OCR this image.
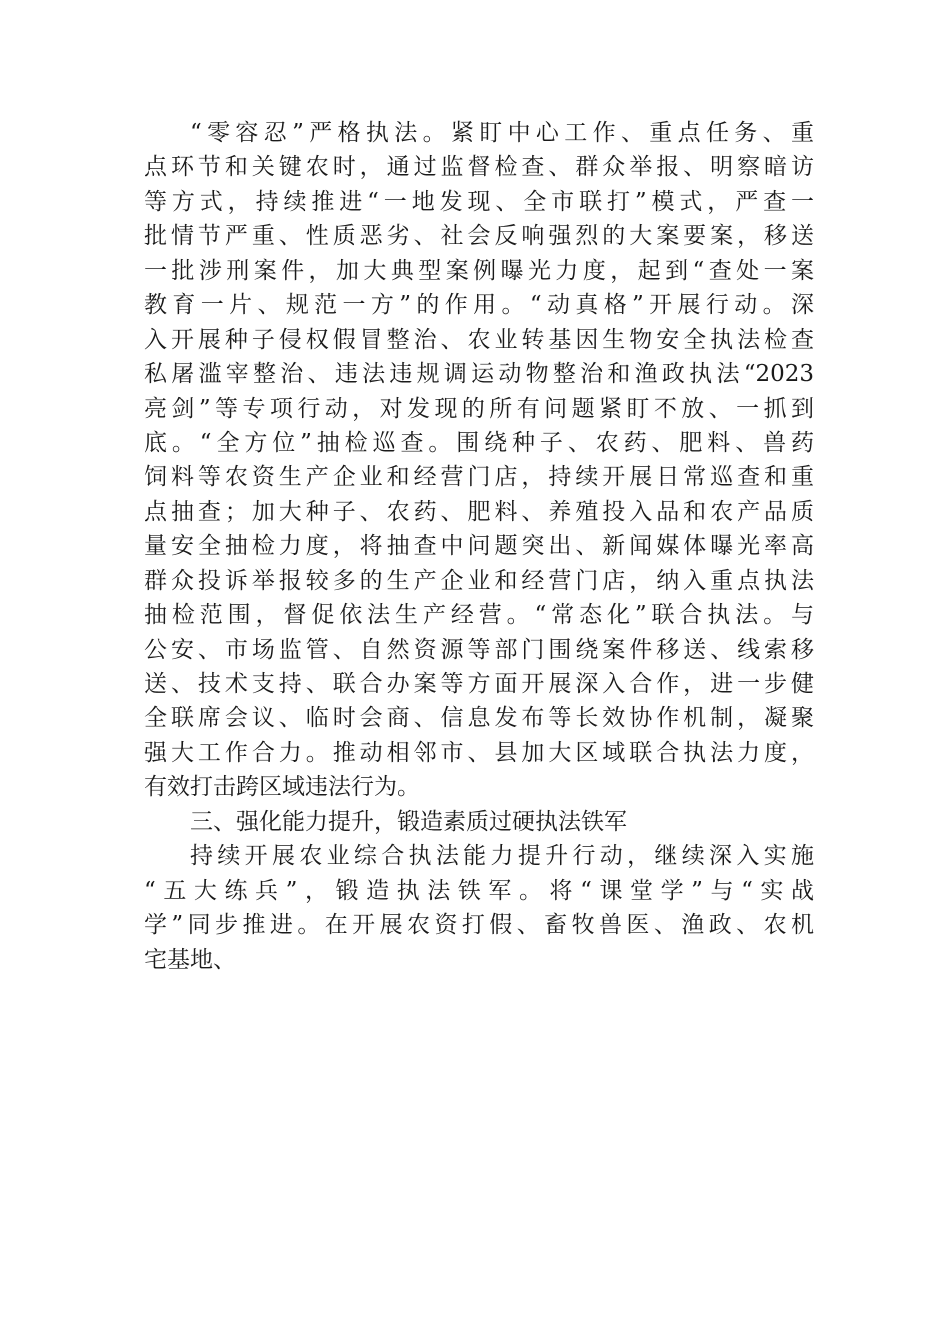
“零容忍”严格执法。紧盯中心工作、重点任务、重
点环节和关键农时，通过监督检查、群众举报、明察暗访
等方式，持续推进“一地发现、全市联打”模式，严查一
批情节严重、性质恶劣、社会反响强烈的大案要案，移送
一批涉刑案件，加大典型案例曝光力度，起到“查处一案
教育一片、规范一方”的作用。“动真格”开展行动。深
入开展种子侵权假冒整治、农业转基因生物安全执法检查
私屠滥宰整治、违法违规调运动物整治和渔政执法“2023
亮剑”等专项行动，对发现的所有问题紧盯不放、一抓到
底。“全方位”抽检巡查。围绕种子、农药、肥料、兽药
饲料等农资生产企业和经营门店，持续开展日常巡查和重
点抽查；加大种子、农药、肥料、养殖投入品和农产品质
量安全抽检力度，将抽查中问题突出、新闻媒体曝光率高
群众投诉举报较多的生产企业和经营门店，纳入重点执法
抽检范围，督促依法生产经营。“常态化”联合执法。与
公安、市场监管、自然资源等部门围绕案件移送、线索移
送、技术支持、联合办案等方面开展深入合作，进一步健
全联席会议、临时会商、信息发布等长效协作机制，凝聚
强大工作合力。推动相邻市、县加大区域联合执法力度，
有效打击跨区域违法行为。
三、强化能力提升，锻造素质过硬执法铁军
持续开展农业综合执法能力提升行动，继续深入实施
“五大练兵”，锻造执法铁军。将“课堂学”与“实战
学”同步推进。在开展农资打假、畜牧兽医、渔政、农机
宅基地、
